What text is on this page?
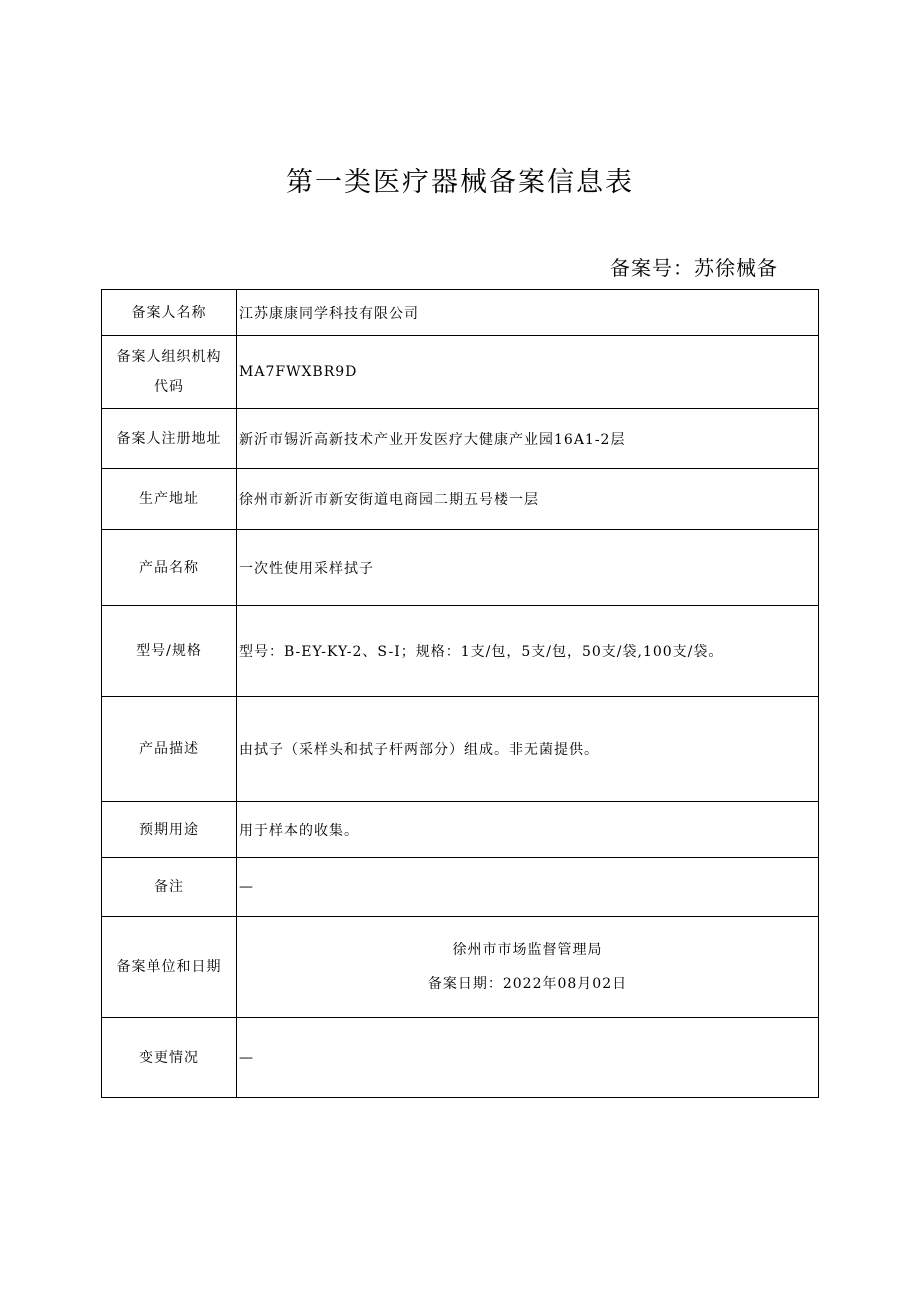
第一类医疗器械备案信息表
备案号：苏徐械备
备案人名称	江苏康康同学科技有限公司

备案人组织机构
代码	MA7FWXBR9D
备案人注册地址	新沂市锡沂高新技术产业开发医疗大健康产业园16A1-2层
生产地址	徐州市新沂市新安街道电商园二期五号楼一层
产品名称	一次性使用采样拭子
型号/规格	型号：B-EY-KY-2、S-I；规格：1支/包，5支/包，50支/袋,100支/袋。
产品描述	由拭子（采样头和拭子杆两部分）组成。非无菌提供。
预期用途	用于样本的收集。
备注	—
备案单位和日期	徐州市市场监督管理局
备案日期：2022年08月02日

变更情况	—
